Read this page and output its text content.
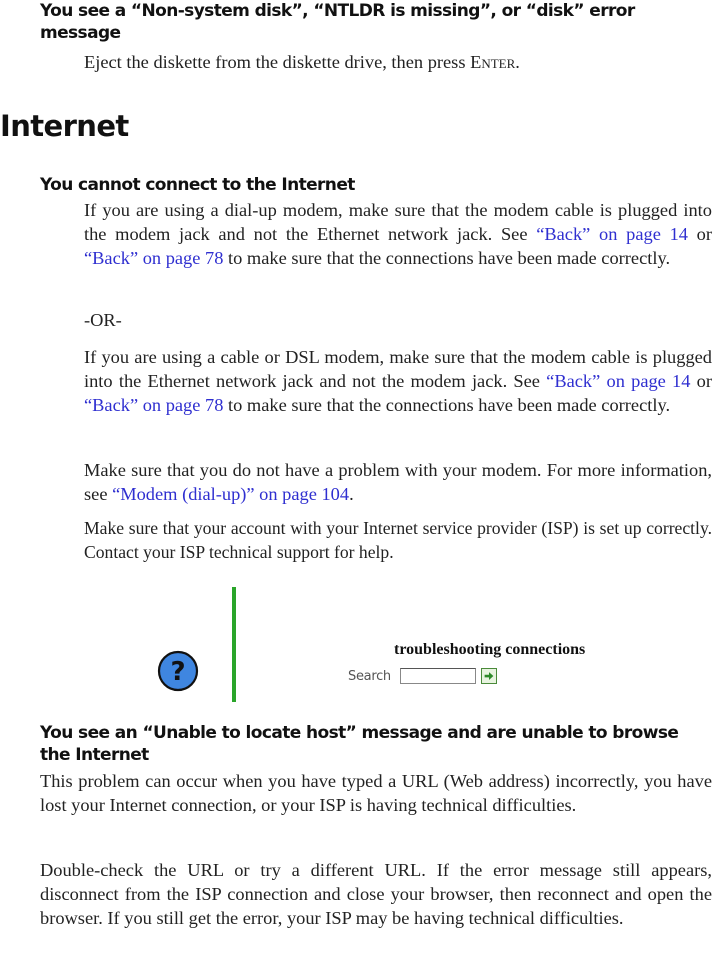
You see a “Non-system disk”, “NTLDR is missing”, or “disk” error message
Eject the diskette from the diskette drive, then press Enter.
Internet
You cannot connect to the Internet
If you are using a dial-up modem, make sure that the modem cable is plugged into the modem jack and not the Ethernet network jack. See “Back” on page 14 or “Back” on page 78 to make sure that the connections have been made correctly.
-OR-
If you are using a cable or DSL modem, make sure that the modem cable is plugged into the Ethernet network jack and not the modem jack. See “Back” on page 14 or “Back” on page 78 to make sure that the connections have been made correctly.
Make sure that you do not have a problem with your modem. For more information, see “Modem (dial-up)” on page 104.
Make sure that your account with your Internet service provider (ISP) is set up correctly. Contact your ISP technical support for help.
?
troubleshooting connections
Search
You see an “Unable to locate host” message and are unable to browse the Internet
This problem can occur when you have typed a URL (Web address) incorrectly, you have lost your Internet connection, or your ISP is having technical difficulties.
Double-check the URL or try a different URL. If the error message still appears, disconnect from the ISP connection and close your browser, then reconnect and open the browser. If you still get the error, your ISP may be having technical difficulties.
